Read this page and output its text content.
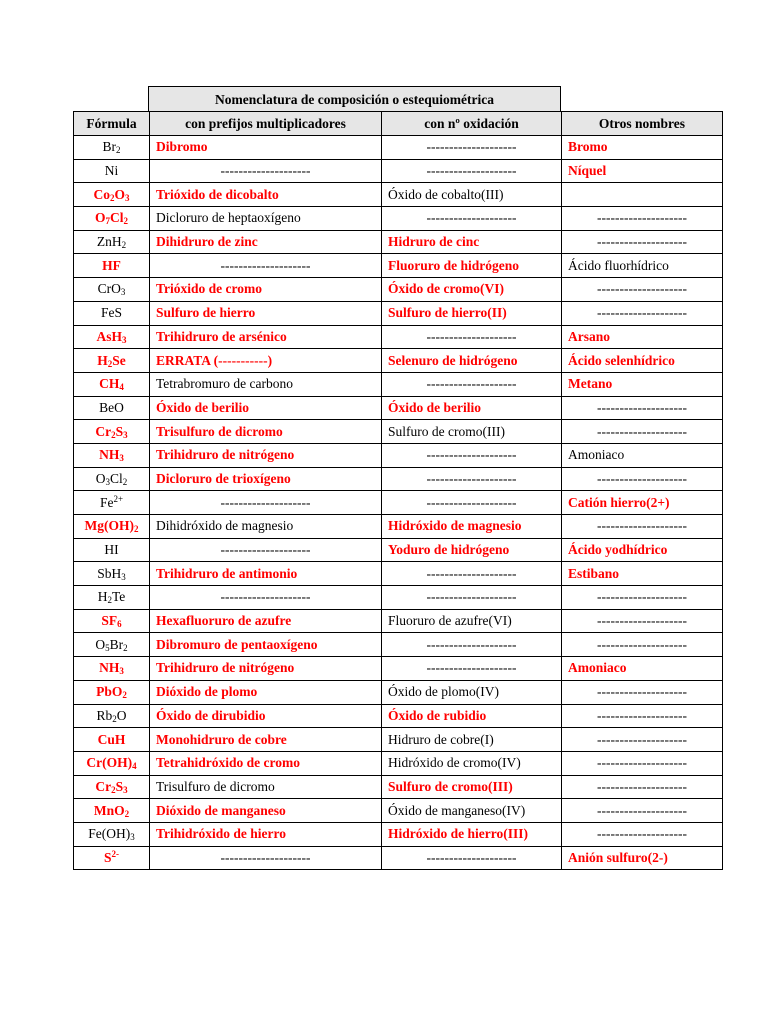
Nomenclatura de composición o estequiométrica
Fórmula	con prefijos multiplicadores	con nº oxidación	Otros nombres
$Br_2$	Dibromo	--------------------	Bromo
Ni	--------------------	--------------------	Níquel
$Co_2O_3$	Trióxido de dicobalto	Óxido de cobalto(III)	
$O_7Cl_2$	Dicloruro de heptaoxígeno	--------------------	--------------------
ZnH$_2$	Dihidruro de zinc	Hidruro de cinc	--------------------
HF	--------------------	Fluoruro de hidrógeno	Ácido fluorhídrico
CrO$_3$	Trióxido de cromo	Óxido de cromo(VI)	--------------------
FeS	Sulfuro de hierro	Sulfuro de hierro(II)	--------------------
AsH$_3$	Trihidruro de arsénico	--------------------	Arsano
$H_2Se$	ERRATA (-----------)	Selenuro de hidrógeno	Ácido selenhídrico
$CH_4$	Tetrabromuro de carbono	--------------------	Metano
BeO	Óxido de berilio	Óxido de berilio	--------------------
$Cr_2S_3$	Trisulfuro de dicromo	Sulfuro de cromo(III)	--------------------
$NH_3$	Trihidruro de nitrógeno	--------------------	Amoniaco
$O_3Cl_2$	Dicloruro de trioxígeno	--------------------	--------------------
$Fe^{2+}$	--------------------	--------------------	Catión hierro(2+)
$Mg(OH)_2$	Dihidróxido de magnesio	Hidróxido de magnesio	--------------------
HI	--------------------	Yoduro de hidrógeno	Ácido yodhídrico
SbH$_3$	Trihidruro de antimonio	--------------------	Estibano
$H_2Te$	--------------------	--------------------	--------------------
$SF_6$	Hexafluoruro de azufre	Fluoruro de azufre(VI)	--------------------
$O_5Br_2$	Dibromuro de pentaoxígeno	--------------------	--------------------
$NH_3$	Trihidruro de nitrógeno	--------------------	Amoniaco
PbO$_2$	Dióxido de plomo	Óxido de plomo(IV)	--------------------
$Rb_2O$	Óxido de dirubidio	Óxido de rubidio	--------------------
CuH	Monohidruro de cobre	Hidruro de cobre(I)	--------------------
$Cr(OH)_4$	Tetrahidróxido de cromo	Hidróxido de cromo(IV)	--------------------
$Cr_2S_3$	Trisulfuro de dicromo	Sulfuro de cromo(III)	--------------------
MnO$_2$	Dióxido de manganeso	Óxido de manganeso(IV)	--------------------
$Fe(OH)_3$	Trihidróxido de hierro	Hidróxido de hierro(III)	--------------------
$S^{2-}$	--------------------	--------------------	Anión sulfuro(2-)
